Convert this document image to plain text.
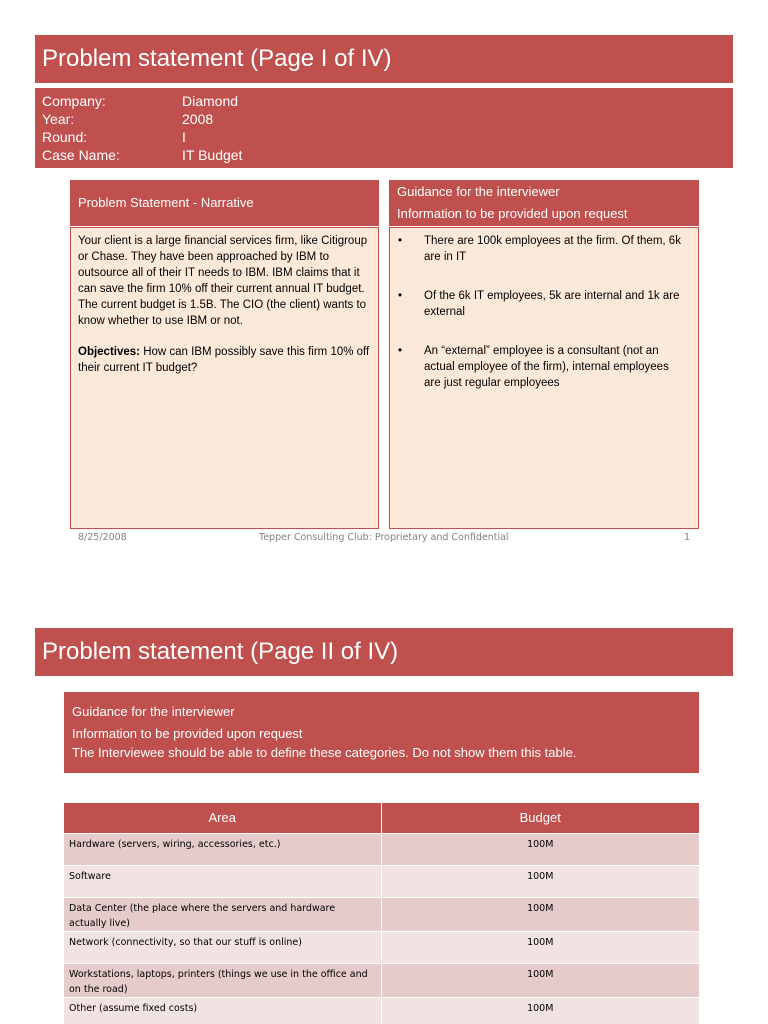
Problem statement (Page I of IV)
Company:	Diamond
Year:	2008
Round:	I
Case Name:	IT Budget
Problem Statement - Narrative
Guidance for the interviewer
Information to be provided upon request

Your client is a large financial services firm, like Citigroup or Chase. They have been approached by IBM to outsource all of their IT needs to IBM. IBM claims that it can save the firm 10% off their current annual IT budget. The current budget is 1.5B. The CIO (the client) wants to know whether to use IBM or not.

Objectives: How can IBM possibly save this firm 10% off their current IT budget?

• There are 100k employees at the firm. Of them, 6k are in IT
• Of the 6k IT employees, 5k are internal and 1k are external
• An “external” employee is a consultant (not an actual employee of the firm), internal employees are just regular employees
8/25/2008	Tepper Consulting Club: Proprietary and Confidential	1
Problem statement (Page II of IV)
Guidance for the interviewer
Information to be provided upon request
The Interviewee should be able to define these categories. Do not show them this table.
Area	Budget
Hardware (servers, wiring, accessories, etc.)	100M
Software	100M
Data Center (the place where the servers and hardware actually live)	100M
Network (connectivity, so that our stuff is online)	100M
Workstations, laptops, printers (things we use in the office and on the road)	100M
Other (assume fixed costs)	100M
